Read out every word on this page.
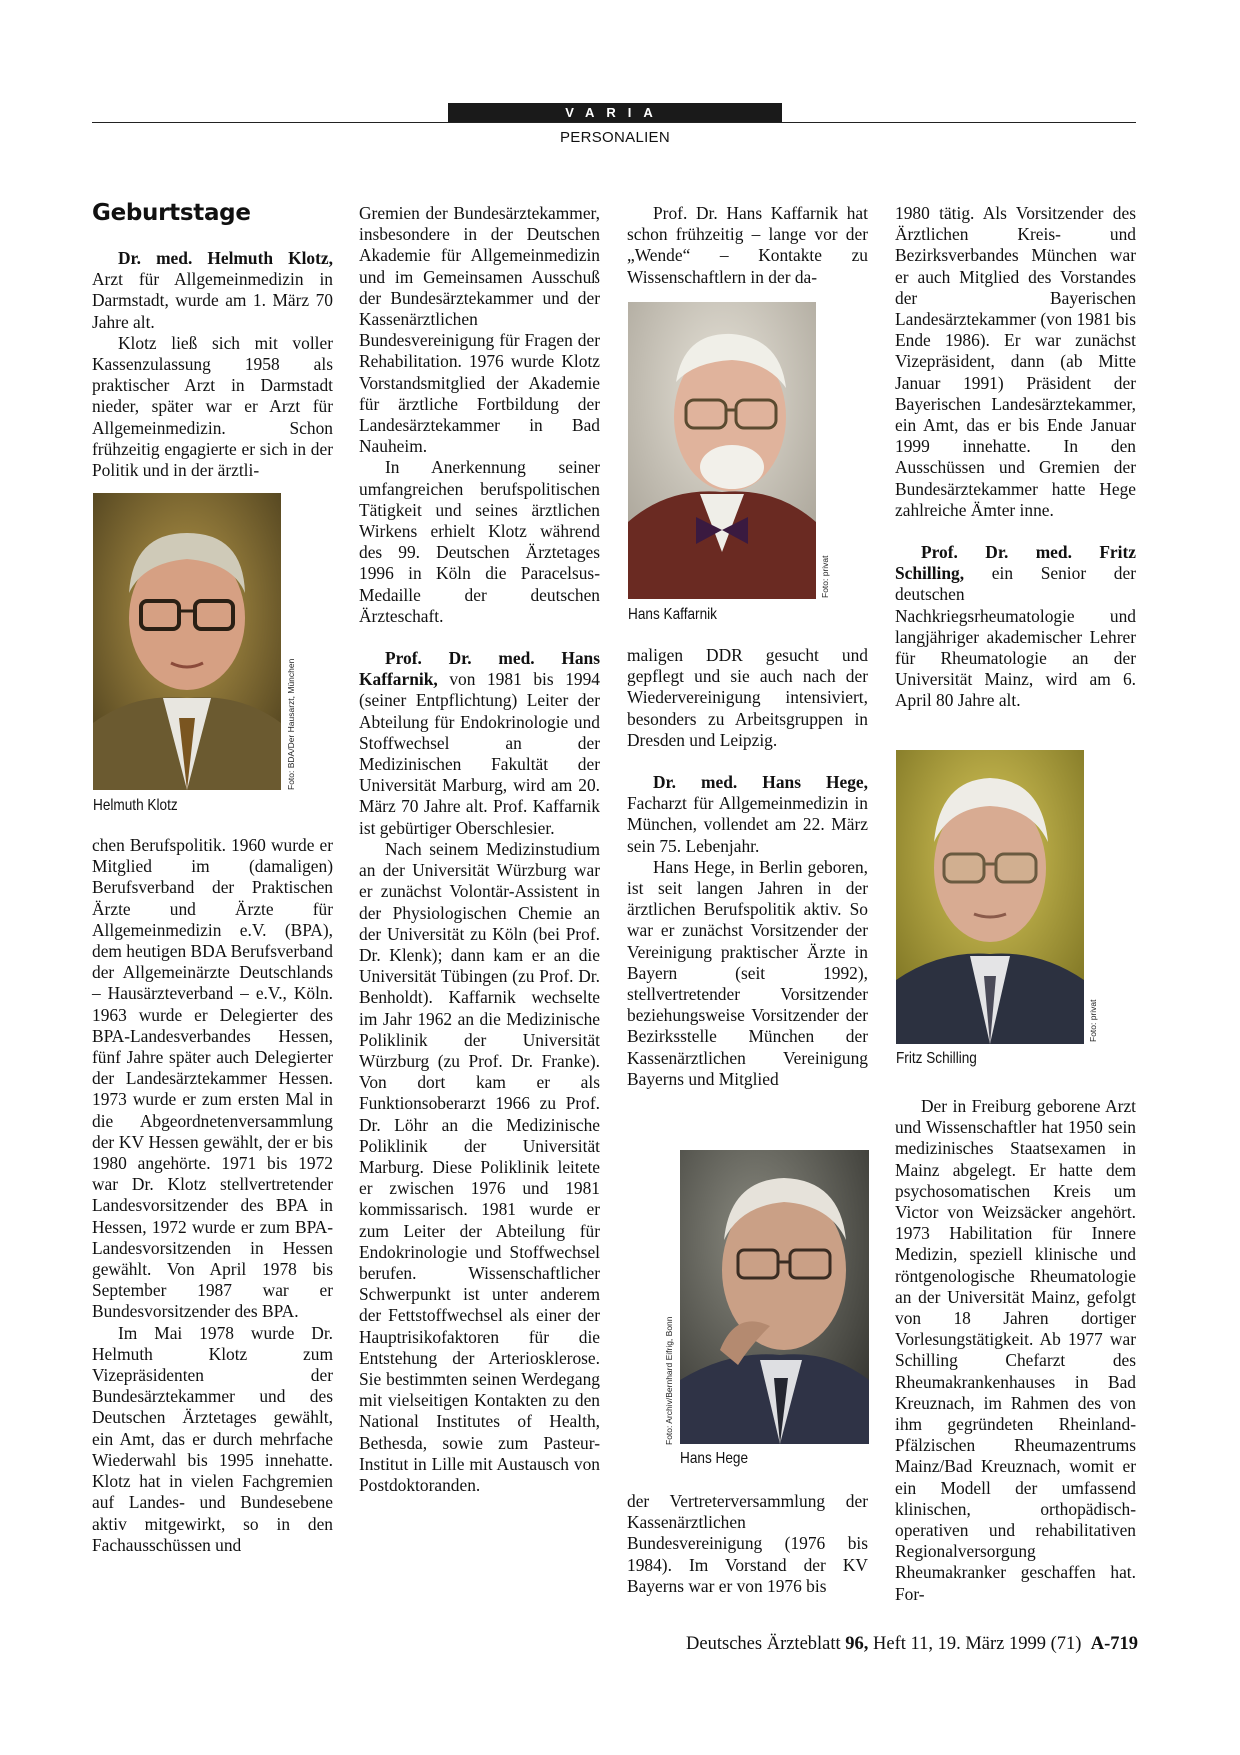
VARIA
PERSONALIEN
Geburtstage

Dr. med. Helmuth Klotz, Arzt für Allgemeinmedizin in Darmstadt, wurde am 1. März 70 Jahre alt.

Klotz ließ sich mit voller Kassenzulassung 1958 als praktischer Arzt in Darmstadt nieder, später war er Arzt für Allgemeinmedizin. Schon frühzeitig engagierte er sich in der Politik und in der ärztli-

Foto: BDA/Der Hausarzt, München
Helmuth Klotz

chen Berufspolitik. 1960 wurde er Mitglied im (damaligen) Berufsverband der Praktischen Ärzte und Ärzte für Allgemeinmedizin e.V. (BPA), dem heutigen BDA Berufsverband der Allgemeinärzte Deutschlands – Hausärzteverband – e.V., Köln. 1963 wurde er Delegierter des BPA-Landesverbandes Hessen, fünf Jahre später auch Delegierter der Landesärztekammer Hessen. 1973 wurde er zum ersten Mal in die Abgeordnetenversammlung der KV Hessen gewählt, der er bis 1980 angehörte. 1971 bis 1972 war Dr. Klotz stellvertretender Landesvorsitzender des BPA in Hessen, 1972 wurde er zum BPA-Landesvorsitzenden in Hessen gewählt. Von April 1978 bis September 1987 war er Bundesvorsitzender des BPA.

Im Mai 1978 wurde Dr. Helmuth Klotz zum Vizepräsidenten der Bundesärztekammer und des Deutschen Ärztetages gewählt, ein Amt, das er durch mehrfache Wiederwahl bis 1995 innehatte. Klotz hat in vielen Fachgremien auf Landes- und Bundesebene aktiv mitgewirkt, so in den Fachausschüssen und

Gremien der Bundesärztekammer, insbesondere in der Deutschen Akademie für Allgemeinmedizin und im Gemeinsamen Ausschuß der Bundesärztekammer und der Kassenärztlichen Bundesvereinigung für Fragen der Rehabilitation. 1976 wurde Klotz Vorstandsmitglied der Akademie für ärztliche Fortbildung der Landesärztekammer in Bad Nauheim.

In Anerkennung seiner umfangreichen berufspolitischen Tätigkeit und seines ärztlichen Wirkens erhielt Klotz während des 99. Deutschen Ärztetages 1996 in Köln die Paracelsus-Medaille der deutschen Ärzteschaft.

Prof. Dr. med. Hans Kaffarnik, von 1981 bis 1994 (seiner Entpflichtung) Leiter der Abteilung für Endokrinologie und Stoffwechsel an der Medizinischen Fakultät der Universität Marburg, wird am 20. März 70 Jahre alt. Prof. Kaffarnik ist gebürtiger Oberschlesier.

Nach seinem Medizinstudium an der Universität Würzburg war er zunächst Volontär-Assistent in der Physiologischen Chemie an der Universität zu Köln (bei Prof. Dr. Klenk); dann kam er an die Universität Tübingen (zu Prof. Dr. Benholdt). Kaffarnik wechselte im Jahr 1962 an die Medizinische Poliklinik der Universität Würzburg (zu Prof. Dr. Franke). Von dort kam er als Funktionsoberarzt 1966 zu Prof. Dr. Löhr an die Medizinische Poliklinik der Universität Marburg. Diese Poliklinik leitete er zwischen 1976 und 1981 kommissarisch. 1981 wurde er zum Leiter der Abteilung für Endokrinologie und Stoffwechsel berufen. Wissenschaftlicher Schwerpunkt ist unter anderem der Fettstoffwechsel als einer der Hauptrisikofaktoren für die Entstehung der Arteriosklerose. Sie bestimmten seinen Werdegang mit vielseitigen Kontakten zu den National Institutes of Health, Bethesda, sowie zum Pasteur-Institut in Lille mit Austausch von Postdoktoranden.

Prof. Dr. Hans Kaffarnik hat schon frühzeitig – lange vor der „Wende“ – Kontakte zu Wissenschaftlern in der da-

Foto: privat
Hans Kaffarnik

maligen DDR gesucht und gepflegt und sie auch nach der Wiedervereinigung intensiviert, besonders zu Arbeitsgruppen in Dresden und Leipzig.

Dr. med. Hans Hege, Facharzt für Allgemeinmedizin in München, vollendet am 22. März sein 75. Lebenjahr.

Hans Hege, in Berlin geboren, ist seit langen Jahren in der ärztlichen Berufspolitik aktiv. So war er zunächst Vorsitzender der Vereinigung praktischer Ärzte in Bayern (seit 1992), stellvertretender Vorsitzender beziehungsweise Vorsitzender der Bezirksstelle München der Kassenärztlichen Vereinigung Bayerns und Mitglied

Foto: Archiv/Bernhard Eifrig, Bonn
Hans Hege

der Vertreterversammlung der Kassenärztlichen Bundesvereinigung (1976 bis 1984). Im Vorstand der KV Bayerns war er von 1976 bis

1980 tätig. Als Vorsitzender des Ärztlichen Kreis- und Bezirksverbandes München war er auch Mitglied des Vorstandes der Bayerischen Landesärztekammer (von 1981 bis Ende 1986). Er war zunächst Vizepräsident, dann (ab Mitte Januar 1991) Präsident der Bayerischen Landesärztekammer, ein Amt, das er bis Ende Januar 1999 innehatte. In den Ausschüssen und Gremien der Bundesärztekammer hatte Hege zahlreiche Ämter inne.

Prof. Dr. med. Fritz Schilling, ein Senior der deutschen Nachkriegsrheumatologie und langjähriger akademischer Lehrer für Rheumatologie an der Universität Mainz, wird am 6. April 80 Jahre alt.

Foto: privat
Fritz Schilling

Der in Freiburg geborene Arzt und Wissenschaftler hat 1950 sein medizinisches Staatsexamen in Mainz abgelegt. Er hatte dem psychosomatischen Kreis um Victor von Weizsäcker angehört. 1973 Habilitation für Innere Medizin, speziell klinische und röntgenologische Rheumatologie an der Universität Mainz, gefolgt von 18 Jahren dortiger Vorlesungstätigkeit. Ab 1977 war Schilling Chefarzt des Rheumakrankenhauses in Bad Kreuznach, im Rahmen des von ihm gegründeten Rheinland-Pfälzischen Rheumazentrums Mainz/Bad Kreuznach, womit er ein Modell der umfassend klinischen, orthopädisch-operativen und rehabilitativen Regionalversorgung Rheumakranker geschaffen hat. For-

Deutsches Ärzteblatt 96, Heft 11, 19. März 1999 (71) A-719
